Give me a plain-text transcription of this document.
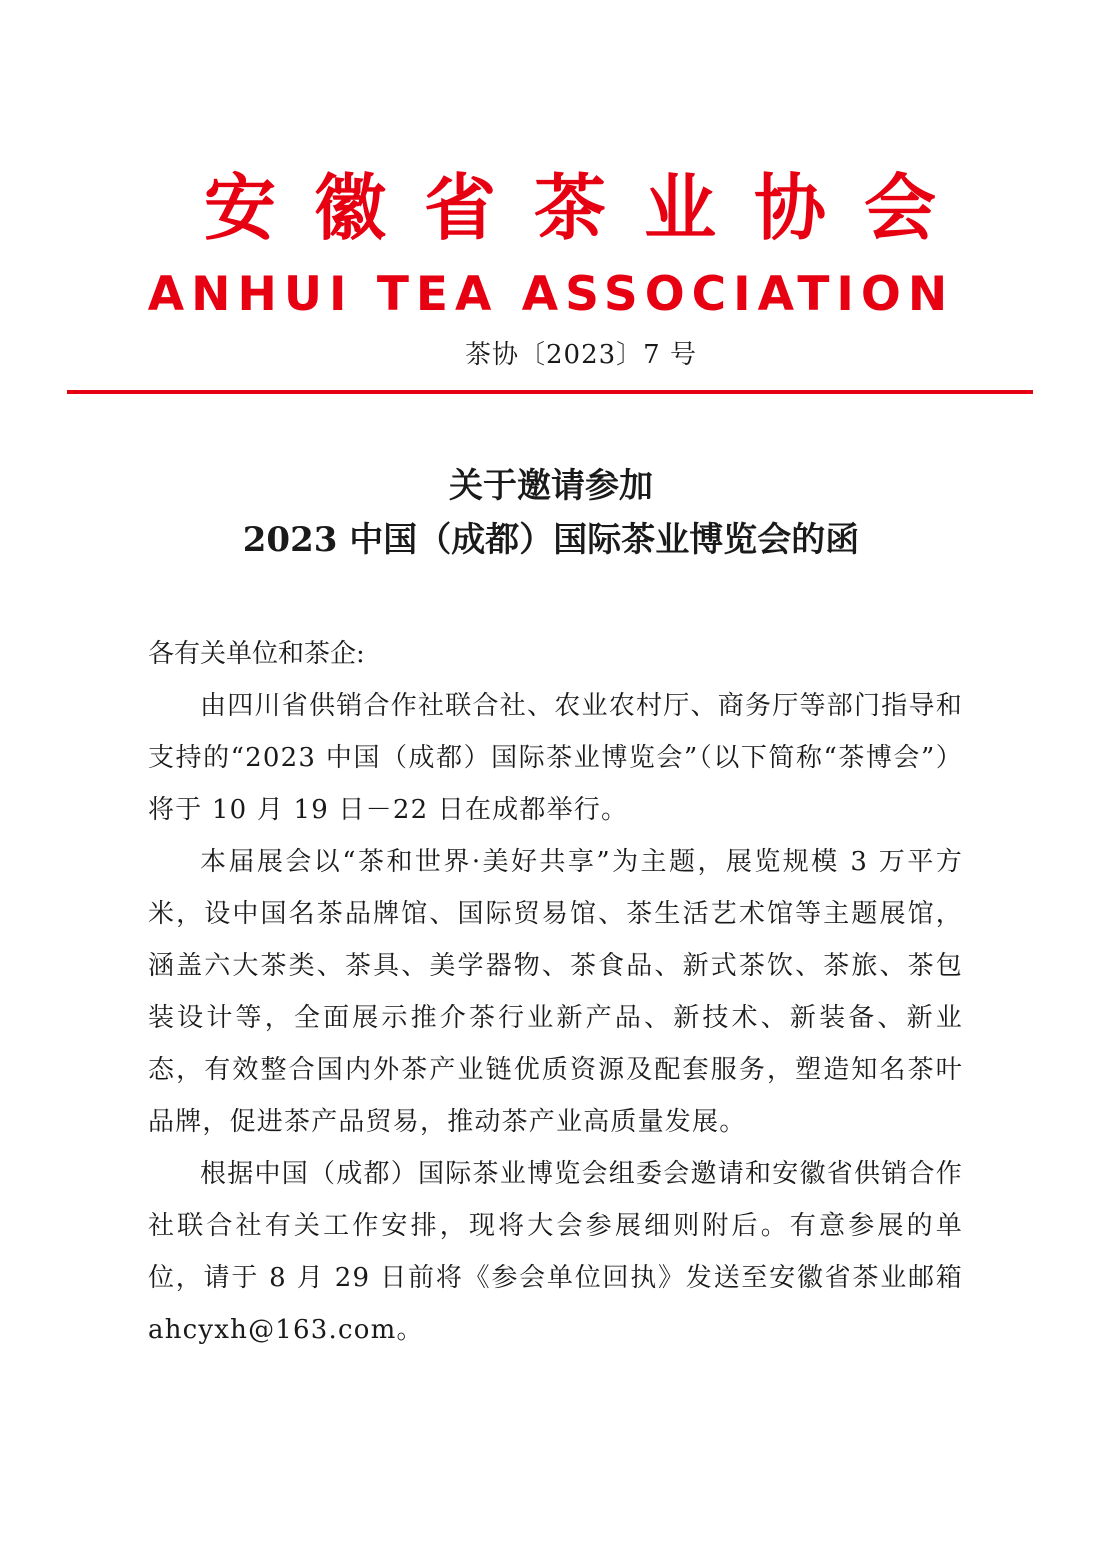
安徽省茶业协会
ANHUI TEA ASSOCIATION
茶协〔2023〕7 号
关于邀请参加
2023 中国（成都）国际茶业博览会的函

各有关单位和茶企:

由四川省供销合作社联合社、农业农村厅、商务厅等部门指导和支持的“2023 中国（成都）国际茶业博览会”（以下简称“茶博会”）将于 10 月 19 日－22 日在成都举行。

本届展会以“茶和世界·美好共享”为主题，展览规模 3 万平方米，设中国名茶品牌馆、国际贸易馆、茶生活艺术馆等主题展馆，涵盖六大茶类、茶具、美学器物、茶食品、新式茶饮、茶旅、茶包装设计等，全面展示推介茶行业新产品、新技术、新装备、新业态，有效整合国内外茶产业链优质资源及配套服务，塑造知名茶叶品牌，促进茶产品贸易，推动茶产业高质量发展。

根据中国（成都）国际茶业博览会组委会邀请和安徽省供销合作社联合社有关工作安排，现将大会参展细则附后。有意参展的单位，请于 8 月 29 日前将《参会单位回执》发送至安徽省茶业邮箱 ahcyxh@163.com。
